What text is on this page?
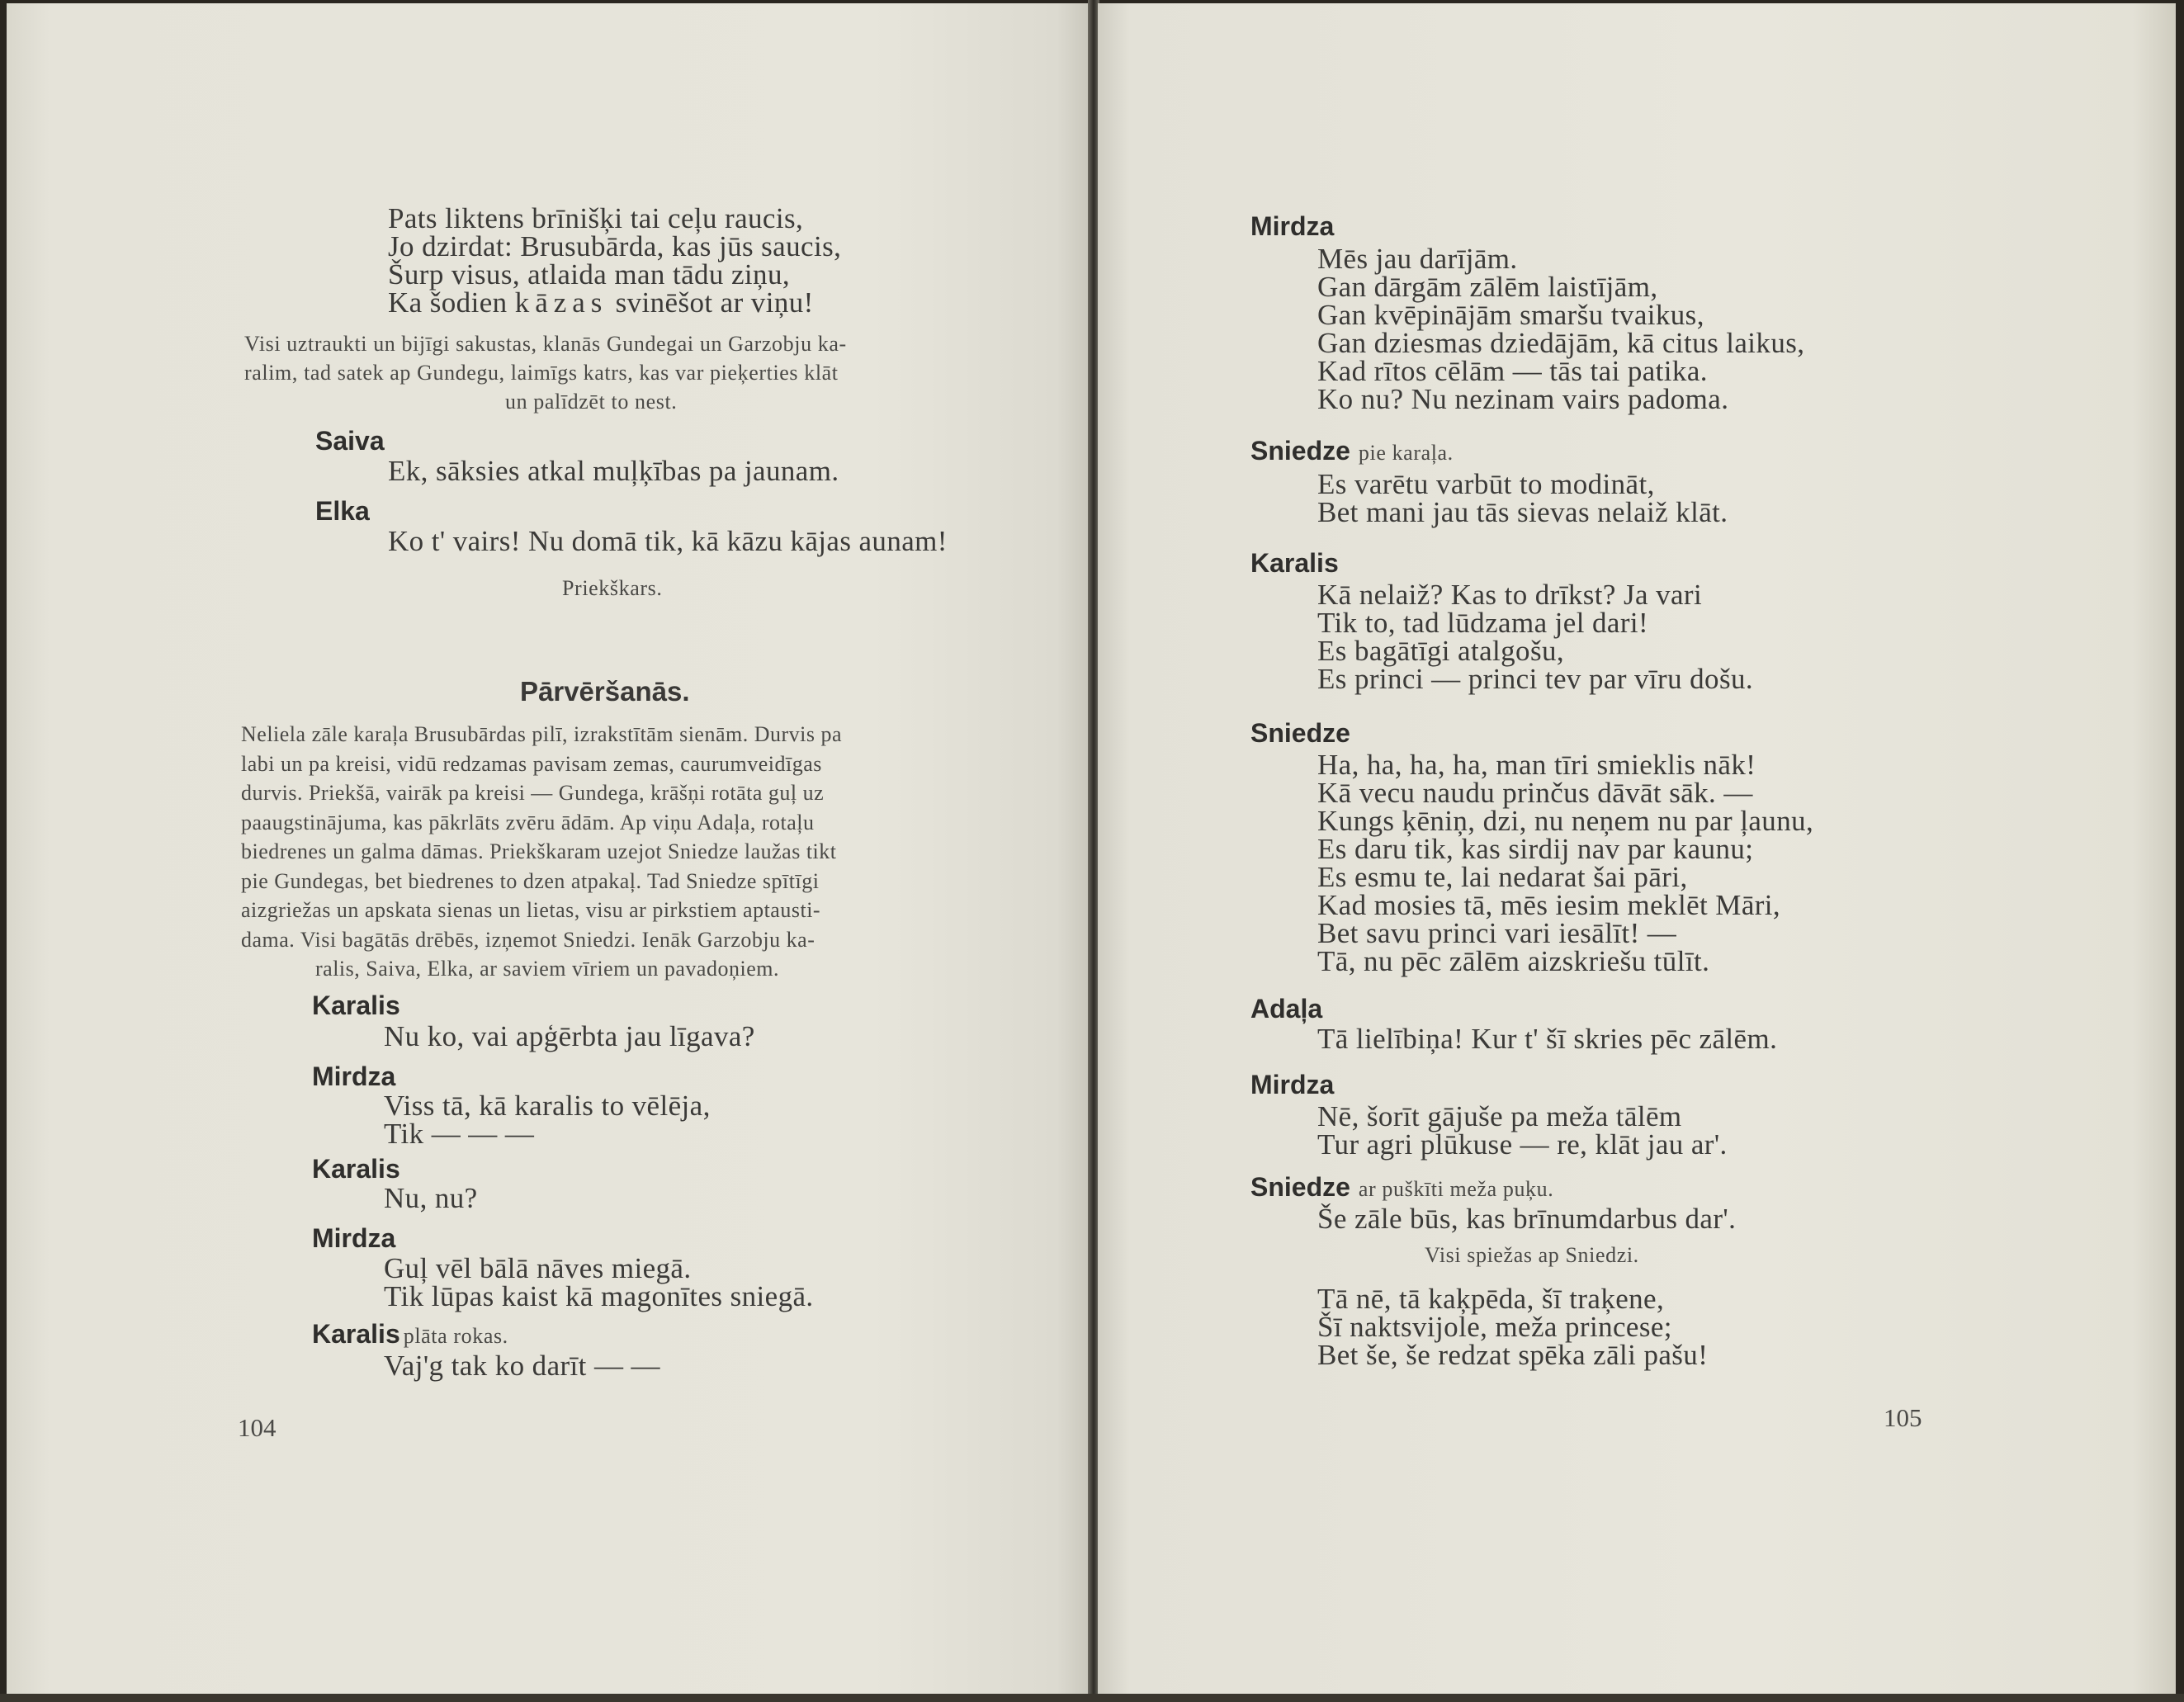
Pats liktens brīnišķi tai ceļu raucis,
Jo dzirdat: Brusubārda, kas jūs saucis,
Šurp visus, atlaida man tādu ziņu,
Ka šodien kāzas svinēšot ar viņu!
Visi uztraukti un bijīgi sakustas, klanās Gundegai un Garzobju ka-
ralim, tad satek ap Gundegu, laimīgs katrs, kas var pieķerties klāt
un palīdzēt to nest.
Saiva
Ek, sāksies atkal muļķības pa jaunam.
Elka
Ko t' vairs! Nu domā tik, kā kāzu kājas aunam!
Priekškars.
Pārvēršanās.
Neliela zāle karaļa Brusubārdas pilī, izrakstītām sienām. Durvis pa
labi un pa kreisi, vidū redzamas pavisam zemas, caurumveidīgas
durvis. Priekšā, vairāk pa kreisi — Gundega, krāšņi rotāta guļ uz
paaugstinājuma, kas pākrlāts zvēru ādām. Ap viņu Adaļa, rotaļu
biedrenes un galma dāmas. Priekškaram uzejot Sniedze laužas tikt
pie Gundegas, bet biedrenes to dzen atpakaļ. Tad Sniedze spītīgi
aizgriežas un apskata sienas un lietas, visu ar pirkstiem aptausti-
dama. Visi bagātās drēbēs, izņemot Sniedzi. Ienāk Garzobju ka-
ralis, Saiva, Elka, ar saviem vīriem un pavadoņiem.
Karalis
Nu ko, vai apģērbta jau līgava?
Mirdza
Viss tā, kā karalis to vēlēja,
Tik — — —
Karalis
Nu, nu?
Mirdza
Guļ vēl bālā nāves miegā.
Tik lūpas kaist kā magonītes sniegā.
Karalis plāta rokas.
Vaj'g tak ko darīt — —
104
Mirdza
Mēs jau darījām.
Gan dārgām zālēm laistījām,
Gan kvēpinājām smaršu tvaikus,
Gan dziesmas dziedājām, kā citus laikus,
Kad rītos cēlām — tās tai patika.
Ko nu? Nu nezinam vairs padoma.
Sniedze pie karaļa.
Es varētu varbūt to modināt,
Bet mani jau tās sievas nelaiž klāt.
Karalis
Kā nelaiž? Kas to drīkst? Ja vari
Tik to, tad lūdzama jel dari!
Es bagātīgi atalgošu,
Es princi — princi tev par vīru došu.
Sniedze
Ha, ha, ha, ha, man tīri smieklis nāk!
Kā vecu naudu prinčus dāvāt sāk. —
Kungs ķēniņ, dzi, nu neņem nu par ļaunu,
Es daru tik, kas sirdij nav par kaunu;
Es esmu te, lai nedarat šai pāri,
Kad mosies tā, mēs iesim meklēt Māri,
Bet savu princi vari iesālīt! —
Tā, nu pēc zālēm aizskriešu tūlīt.
Adaļa
Tā lielībiņa! Kur t' šī skries pēc zālēm.
Mirdza
Nē, šorīt gājuše pa meža tālēm
Tur agri plūkuse — re, klāt jau ar'.
Sniedze ar puškīti meža puķu.
Še zāle būs, kas brīnumdarbus dar'.
Visi spiežas ap Sniedzi.
Tā nē, tā kaķpēda, šī traķene,
Šī naktsvijole, meža princese;
Bet še, še redzat spēka zāli pašu!
105
